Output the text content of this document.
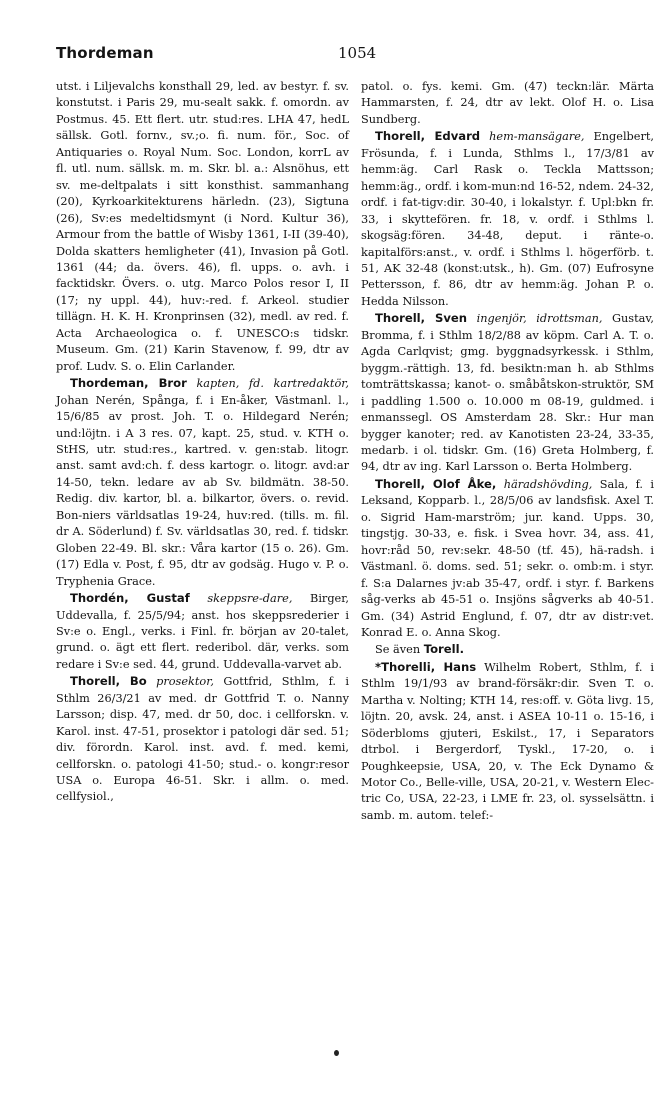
Thordeman	1054

utst. i Liljevalchs konsthall 29, led. av bestyr. f. sv. konstutst. i Paris 29, mu-sealt sakk. f. omordn. av Postmus. 45. Ett flert. utr. stud:res. LHA 47, hedL sällsk. Gotl. fornv., sv.;o. fi. num. för., Soc. of Antiquaries o. Royal Num. Soc. London, korrL av fl. utl. num. sällsk. m. m. Skr. bl. a.: Alsnöhus, ett sv. me-deltpalats i sitt konsthist. sammanhang (20), Kyrkoarkitekturens härledn. (23), Sigtuna (26), Sv:es medeltidsmynt (i Nord. Kultur 36), Armour from the battle of Wisby 1361, I-II (39-40), Dolda skatters hemligheter (41), Invasion på Gotl. 1361 (44; da. övers. 46), fl. upps. o. avh. i facktidskr. Övers. o. utg. Marco Polos resor I, II (17; ny uppl. 44), huv:-red. f. Arkeol. studier tillägn. H. K. H. Kronprinsen (32), medl. av red. f. Acta Archaeologica o. f. UNESCO:s tidskr. Museum. Gm. (21) Karin Stavenow, f. 99, dtr av prof. Ludv. S. o. Elin Carlander.

Thordeman, Bror kapten, fd. kartredaktör, Johan Nerén, Spånga, f. i En-åker, Västmanl. l., 15/6/85 av prost. Joh. T. o. Hildegard Nerén; und:löjtn. i A 3 res. 07, kapt. 25, stud. v. KTH o. StHS, utr. stud:res., kartred. v. gen:stab. litogr. anst. samt avd:ch. f. dess kartogr. o. litogr. avd:ar 14-50, tekn. ledare av ab Sv. bildmätn. 38-50. Redig. div. kartor, bl. a. bilkartor, övers. o. revid. Bon-niers världsatlas 19-24, huv:red. (tills. m. fil. dr A. Söderlund) f. Sv. världsatlas 30, red. f. tidskr. Globen 22-49. Bl. skr.: Våra kartor (15 o. 26). Gm. (17) Edla v. Post, f. 95, dtr av godsäg. Hugo v. P. o. Tryphenia Grace.

Thordén, Gustaf skeppsre-dare, Birger, Uddevalla, f. 25/5/94; anst. hos skeppsrederier i Sv:e o. Engl., verks. i Finl. fr. början av 20-talet, grund. o. ägt ett flert. rederibol. där, verks. som redare i Sv:e sed. 44, grund. Uddevalla-varvet ab.

Thorell, Bo prosektor, Gottfrid, Sthlm, f. i Sthlm 26/3/21 av med. dr Gottfrid T. o. Nanny Larsson; disp. 47, med. dr 50, doc. i cellforskn. v. Karol. inst. 47-51, prosektor i patologi där sed. 51; div. förordn. Karol. inst. avd. f. med. kemi, cellforskn. o. patologi 41-50; stud.- o. kongr:resor USA o. Europa 46-51. Skr. i allm. o. med. cellfysiol.,

patol. o. fys. kemi. Gm. (47) teckn:lär. Märta Hammarsten, f. 24, dtr av lekt. Olof H. o. Lisa Sundberg.

Thorell, Edvard hem-mansägare, Engelbert, Frösunda, f. i Lunda, Sthlms l., 17/3/81 av hemm:äg. Carl Rask o. Teckla Mattsson; hemm:äg., ordf. i kom-mun:nd 16-52, ndem. 24-32, ordf. i fat-tigv:dir. 30-40, i lokalstyr. f. Upl:bkn fr. 33, i skyttefören. fr. 18, v. ordf. i Sthlms l. skogsäg:fören. 34-48, deput. i ränte-o. kapitalförs:anst., v. ordf. i Sthlms l. högerförb. t. 51, AK 32-48 (konst:utsk., h). Gm. (07) Eufrosyne Pettersson, f. 86, dtr av hemm:äg. Johan P. o. Hedda Nilsson.

Thorell, Sven ingenjör, idrottsman, Gustav, Bromma, f. i Sthlm 18/2/88 av köpm. Carl A. T. o. Agda Carlqvist; gmg. byggnadsyrkessk. i Sthlm, byggm.-rättigh. 13, fd. besiktn:man h. ab Sthlms tomträttskassa; kanot- o. småbåtskon-struktör, SM i paddling 1.500 o. 10.000 m 08-19, guldmed. i enmanssegl. OS Amsterdam 28. Skr.: Hur man bygger kanoter; red. av Kanotisten 23-24, 33-35, medarb. i ol. tidskr. Gm. (16) Greta Holmberg, f. 94, dtr av ing. Karl Larsson o. Berta Holmberg.

Thorell, Olof Åke, häradshövding, Sala, f. i Leksand, Kopparb. l., 28/5/06 av landsfisk. Axel T. o. Sigrid Ham-marström; jur. kand. Upps. 30, tingstjg. 30-33, e. fisk. i Svea hovr. 34, ass. 41, hovr:råd 50, rev:sekr. 48-50 (tf. 45), hä-radsh. i Västmanl. ö. doms. sed. 51; sekr. o. omb:m. i styr. f. S:a Dalarnes jv:ab 35-47, ordf. i styr. f. Barkens såg-verks ab 45-51 o. Insjöns sågverks ab 40-51. Gm. (34) Astrid Englund, f. 07, dtr av distr:vet. Konrad E. o. Anna Skog.

Se även Torell.

*Thorelli, Hans Wilhelm Robert, Sthlm, f. i Sthlm 19/1/93 av brand-försäkr:dir. Sven T. o. Martha v. Nolting; KTH 14, res:off. v. Göta livg. 15, löjtn. 20, avsk. 24, anst. i ASEA 10-11 o. 15-16, i Söderbloms gjuteri, Eskilst., 17, i Separators dtrbol. i Bergerdorf, Tyskl., 17-20, o. i Poughkeepsie, USA, 20, v. The Eck Dynamo & Motor Co., Belle-ville, USA, 20-21, v. Western Elec-tric Co, USA, 22-23, i LME fr. 23, ol. sysselsättn. i samb. m. autom. telef:-
